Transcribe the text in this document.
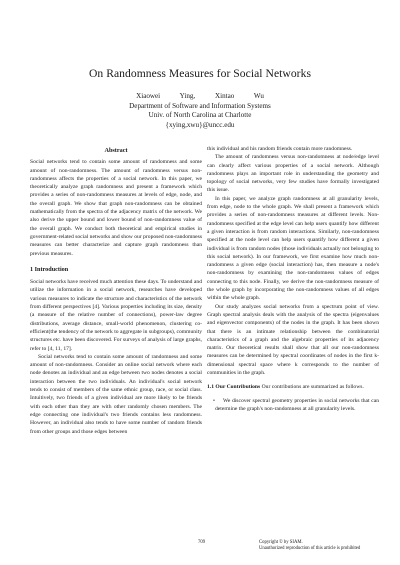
On Randomness Measures for Social Networks
Xiaowei Ying, Xintao Wu
Department of Software and Information Systems
Univ. of North Carolina at Charlotte
{xying,xwu}@uncc.edu
Abstract

Social networks tend to contain some amount of randomness and some amount of non-randomness. The amount of randomness versus non-randomness affects the properties of a social network. In this paper, we theoretically analyze graph randomness and present a framework which provides a series of non-randomness measures at levels of edge, node, and the overall graph. We show that graph non-randomness can be obtained mathematically from the spectra of the adjacency matrix of the network. We also derive the upper bound and lower bound of non-randomness value of the overall graph. We conduct both theoretical and empirical studies in government-related social networks and show our proposed non-randomness measures can better characterize and capture graph randomness than previous measures.

1 Introduction

Social networks have received much attention these days. To understand and utilize the information in a social network, researches have developed various measures to indicate the structure and characteristics of the network from different perspectives [4]. Various properties including its size, density (a measure of the relative number of connections), power-law degree distributions, average distance, small-world phenomenon, clustering co-efficient(the tendency of the network to aggregate in subgroups), community structures etc. have been discovered. For surveys of analysis of large graphs, refer to [4, 11, 17].

Social networks tend to contain some amount of randomness and some amount of non-randomness. Consider an online social network where each node denotes an individual and an edge between two nodes denotes a social interaction between the two individuals. An individual's social network tends to consist of members of the same ethnic group, race, or social class. Intuitively, two friends of a given individual are more likely to be friends with each other than they are with other randomly chosen members. The edge connecting one individual's two friends contains less randomness. However, an individual also tends to have some number of random friends from other groups and those edges between

this individual and his random friends contain more randomness.

The amount of randomness versus non-randomness at node/edge level can clearly affect various properties of a social network. Although randomness plays an important role in understanding the geometry and topology of social networks, very few studies have formally investigated this issue.

In this paper, we analyze graph randomness at all granularity levels, from edge, node to the whole graph. We shall present a framework which provides a series of non-randomness measures at different levels. Non-randomness specified at the edge level can help users quantify how different a given interaction is from random interactions. Similarly, non-randomness specified at the node level can help users quantify how different a given individual is from random nodes (those individuals actually not belonging to this social network). In our framework, we first examine how much non-randomness a given edge (social interaction) has, then measure a node's non-randomness by examining the non-randomness values of edges connecting to this node. Finally, we derive the non-randomness measure of the whole graph by incorporating the non-randomness values of all edges within the whole graph.

Our study analyzes social networks from a spectrum point of view. Graph spectral analysis deals with the analysis of the spectra (eigenvalues and eigenvector components) of the nodes in the graph. It has been shown that there is an intimate relationship between the combinatorial characteristics of a graph and the algebraic properties of its adjacency matrix. Our theoretical results shall show that all our non-randomness measures can be determined by spectral coordinates of nodes in the first k-dimensional spectral space where k corresponds to the number of communities in the graph.

1.1 Our Contributions Our contributions are summarized as follows.

• We discover spectral geometry properties in social networks that can determine the graph's non-randomness at all granularity levels.

709	Copyright © by SIAM.
Unauthorized reproduction of this article is prohibited
